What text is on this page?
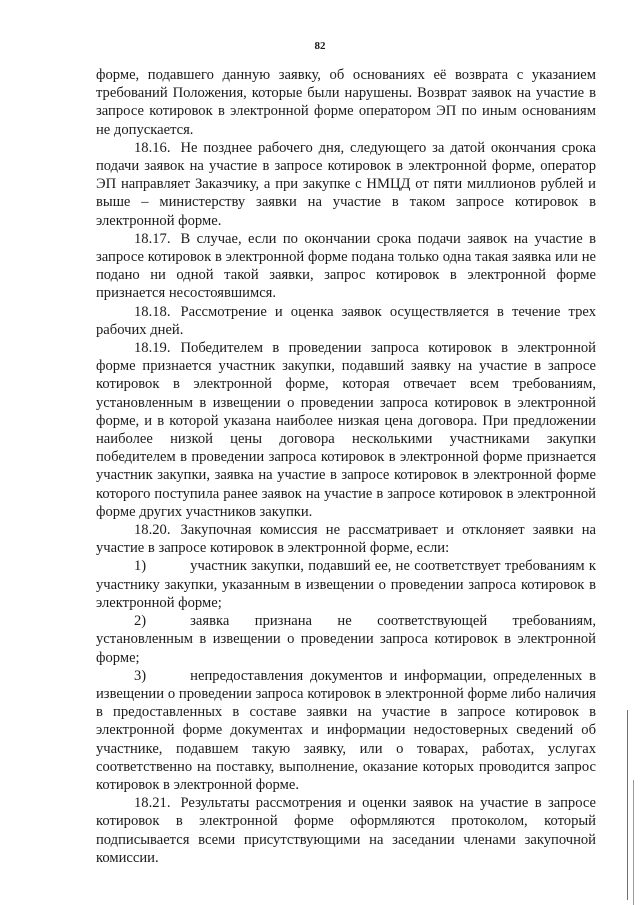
82

форме, подавшего данную заявку, об основаниях её возврата с указанием требований Положения, которые были нарушены. Возврат заявок на участие в запросе котировок в электронной форме оператором ЭП по иным основаниям не допускается.

18.16. Не позднее рабочего дня, следующего за датой окончания срока подачи заявок на участие в запросе котировок в электронной форме, оператор ЭП направляет Заказчику, а при закупке с НМЦД от пяти миллионов рублей и выше – министерству заявки на участие в таком запросе котировок в электронной форме.

18.17. В случае, если по окончании срока подачи заявок на участие в запросе котировок в электронной форме подана только одна такая заявка или не подано ни одной такой заявки, запрос котировок в электронной форме признается несостоявшимся.

18.18. Рассмотрение и оценка заявок осуществляется в течение трех рабочих дней.

18.19. Победителем в проведении запроса котировок в электронной форме признается участник закупки, подавший заявку на участие в запросе котировок в электронной форме, которая отвечает всем требованиям, установленным в извещении о проведении запроса котировок в электронной форме, и в которой указана наиболее низкая цена договора. При предложении наиболее низкой цены договора несколькими участниками закупки победителем в проведении запроса котировок в электронной форме признается участник закупки, заявка на участие в запросе котировок в электронной форме которого поступила ранее заявок на участие в запросе котировок в электронной форме других участников закупки.

18.20. Закупочная комиссия не рассматривает и отклоняет заявки на участие в запросе котировок в электронной форме, если:

1)	участник закупки, подавший ее, не соответствует требованиям к участнику закупки, указанным в извещении о проведении запроса котировок в электронной форме;

2)	заявка признана не соответствующей требованиям, установленным в извещении о проведении запроса котировок в электронной форме;

3)	непредоставления документов и информации, определенных в извещении о проведении запроса котировок в электронной форме либо наличия в предоставленных в составе заявки на участие в запросе котировок в электронной форме документах и информации недостоверных сведений об участнике, подавшем такую заявку, или о товарах, работах, услугах соответственно на поставку, выполнение, оказание которых проводится запрос котировок в электронной форме.

18.21. Результаты рассмотрения и оценки заявок на участие в запросе котировок в электронной форме оформляются протоколом, который подписывается всеми присутствующими на заседании членами закупочной комиссии.
